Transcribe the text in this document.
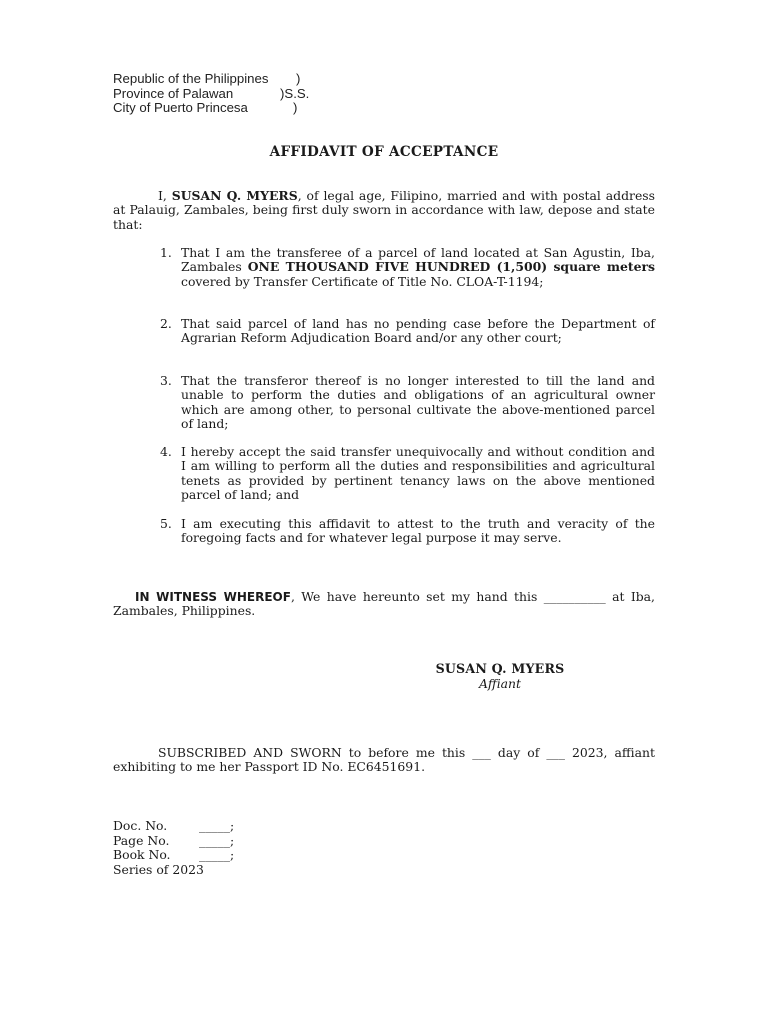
Republic of the Philippines )
Province of Palawan	)S.S.
City of Puerto Princesa	)
AFFIDAVIT OF ACCEPTANCE

I, SUSAN Q. MYERS, of legal age, Filipino, married and with postal address at Palauig, Zambales, being first duly sworn in accordance with law, depose and state that:

1. That I am the transferee of a parcel of land located at San Agustin, Iba, Zambales ONE THOUSAND FIVE HUNDRED (1,500) square meters covered by Transfer Certificate of Title No. CLOA-T-1194;
2. That said parcel of land has no pending case before the Department of Agrarian Reform Adjudication Board and/or any other court;
3. That the transferor thereof is no longer interested to till the land and unable to perform the duties and obligations of an agricultural owner which are among other, to personal cultivate the above-mentioned parcel of land;
4. I hereby accept the said transfer unequivocally and without condition and I am willing to perform all the duties and responsibilities and agricultural tenets as provided by pertinent tenancy laws on the above mentioned parcel of land; and
5. I am executing this affidavit to attest to the truth and veracity of the foregoing facts and for whatever legal purpose it may serve.

IN WITNESS WHEREOF, We have hereunto set my hand this __________ at Iba, Zambales, Philippines.

SUSAN Q. MYERS
Affiant

SUBSCRIBED AND SWORN to before me this ___ day of ___ 2023, affiant exhibiting to me her Passport ID No. EC6451691.

Doc. No.	_____;
Page No. _____;
Book No. _____;
Series of 2023
